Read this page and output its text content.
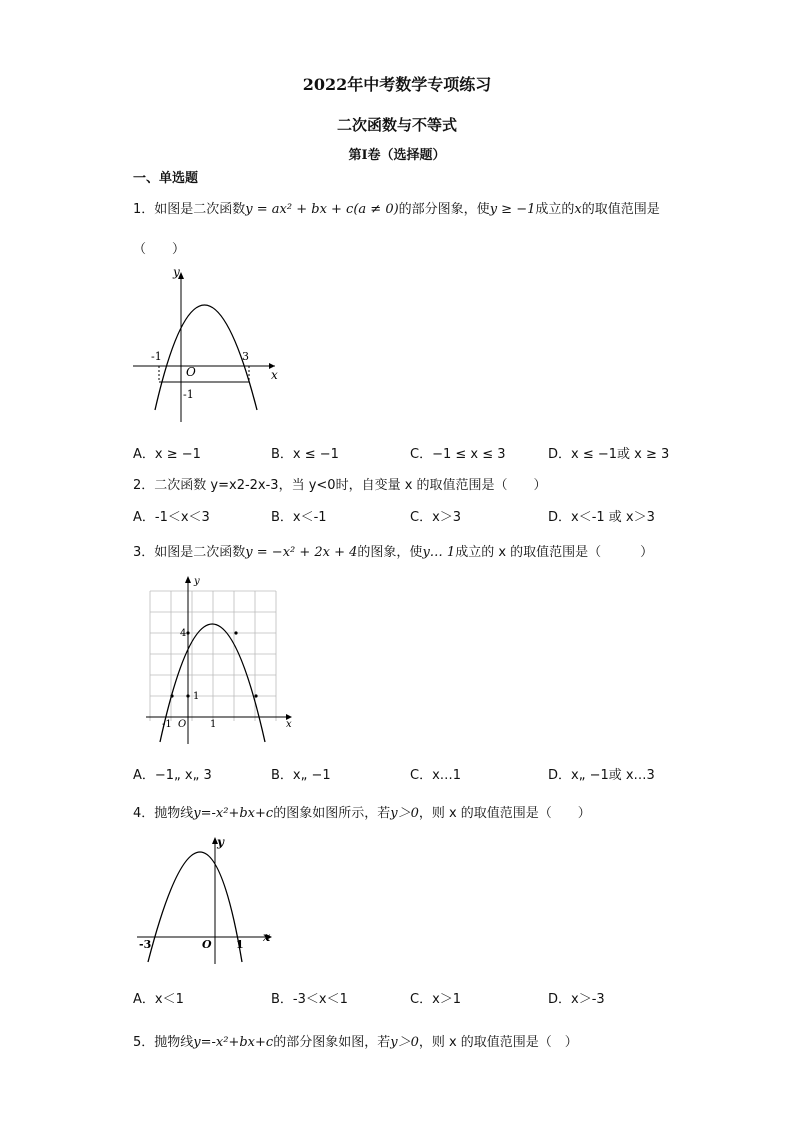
2022年中考数学专项练习
二次函数与不等式
第Ⅰ卷（选择题）
一、单选题
1．如图是二次函数y = ax² + bx + c(a ≠ 0)的部分图象，使y ≥ −1成立的x的取值范围是
（　　）
y
x
O
-1	3
-1
A．x ≥ −1	B．x ≤ −1	C．−1 ≤ x ≤ 3	D．x ≤ −1或 x ≥ 3
2．二次函数 y=x2-2x-3，当 y<0时，自变量 x 的取值范围是（　　）
A．-1＜x＜3	B．x＜-1	C．x＞3	D．x＜-1 或 x＞3
3．如图是二次函数y = −x² + 2x + 4的图象，使y… 1成立的 x 的取值范围是（　　　）
y
x
O
4
1
-1	1
A．−1„ x„ 3	B．x„ −1	C．x…1	D．x„ −1或 x…3
4．抛物线y=-x²+bx+c的图象如图所示，若y＞0，则 x 的取值范围是（　　）
y
x
O
-3	1
A．x＜1	B．-3＜x＜1	C．x＞1	D．x＞-3
5．抛物线y=-x²+bx+c的部分图象如图，若y＞0，则 x 的取值范围是（　）
